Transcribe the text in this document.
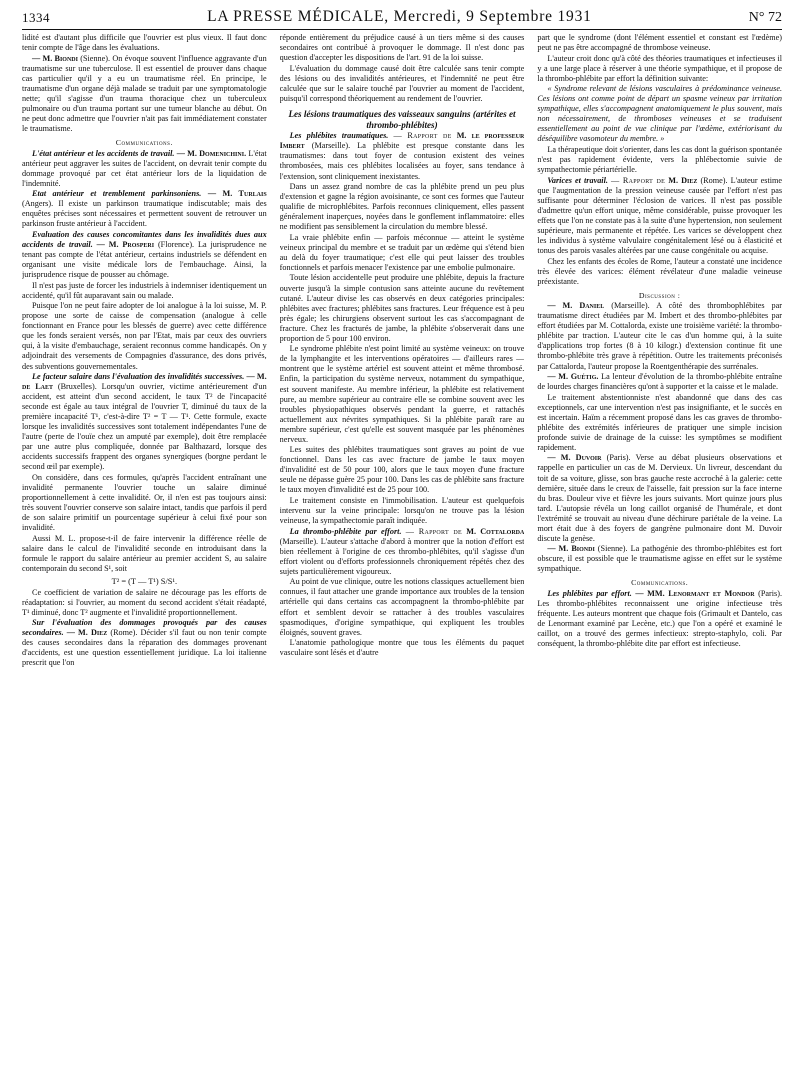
1334	LA PRESSE MÉDICALE, Mercredi, 9 Septembre 1931	N° 72

lidité est d'autant plus difficile que l'ouvrier est plus vieux. Il faut donc tenir compte de l'âge dans les évaluations.

— M. Biondi (Sienne). On évoque souvent l'influence aggravante d'un traumatisme sur une tuberculose. Il est essentiel de prouver dans chaque cas particulier qu'il y a eu un traumatisme réel. En principe, le traumatisme d'un organe déjà malade se traduit par une symptomatologie nette; qu'il s'agisse d'un trauma thoracique chez un tuberculeux pulmonaire ou d'un trauma portant sur une tumeur blanche au début. On ne peut donc admettre que l'ouvrier n'ait pas fait immédiatement constater le traumatisme.

Communications.

L'état antérieur et les accidents de travail. — M. Domenichini. L'état antérieur peut aggraver les suites de l'accident, on devrait tenir compte du dommage provoqué par cet état antérieur lors de la liquidation de l'indemnité.

Etat antérieur et tremblement parkinsoniens. — M. Turlais (Angers). Il existe un parkinson traumatique indiscutable; mais des enquêtes précises sont nécessaires et permettent souvent de retrouver un parkinson fruste antérieur à l'accident.

Evaluation des causes concomitantes dans les invalidités dues aux accidents de travail. — M. Prosperi (Florence). La jurisprudence ne tenant pas compte de l'état antérieur, certains industriels se défendent en organisant une visite médicale lors de l'embauchage. Ainsi, la jurisprudence risque de pousser au chômage.

Il n'est pas juste de forcer les industriels à indemniser identiquement un accidenté, qu'il fût auparavant sain ou malade.

Puisque l'on ne peut faire adopter de loi analogue à la loi suisse, M. P. propose une sorte de caisse de compensation (analogue à celle fonctionnant en France pour les blessés de guerre) avec cette différence que les fonds seraient versés, non par l'Etat, mais par ceux des ouvriers qui, à la visite d'embauchage, seraient reconnus comme handicapés. On y adjoindrait des versements de Compagnies d'assurance, des dons privés, des subventions gouvernementales.

Le facteur salaire dans l'évaluation des invalidités successives. — M. de Laet (Bruxelles). Lorsqu'un ouvrier, victime antérieurement d'un accident, est atteint d'un second accident, le taux T² de l'incapacité seconde est égale au taux intégral de l'ouvrier T, diminué du taux de la première incapacité T¹, c'est-à-dire T² = T — T¹. Cette formule, exacte lorsque les invalidités successives sont totalement indépendantes l'une de l'autre (perte de l'ouïe chez un amputé par exemple), doit être remplacée par une autre plus compliquée, donnée par Balthazard, lorsque des accidents successifs frappent des organes synergiques (borgne perdant le second œil par exemple).

On considère, dans ces formules, qu'après l'accident entraînant une invalidité permanente l'ouvrier touche un salaire diminué proportionnellement à cette invalidité. Or, il n'en est pas toujours ainsi: très souvent l'ouvrier conserve son salaire intact, tandis que parfois il perd de son salaire primitif un pourcentage supérieur à celui fixé pour son invalidité.

Aussi M. L. propose-t-il de faire intervenir la différence réelle de salaire dans le calcul de l'invalidité seconde en introduisant dans la formule le rapport du salaire antérieur au premier accident S, au salaire contemporain du second S¹, soit

T² = (T — T¹) S/S¹.

Ce coefficient de variation de salaire ne décourage pas les efforts de réadaptation: si l'ouvrier, au moment du second accident s'était réadapté, T¹ diminué, donc T² augmente et l'invalidité proportionnellement.

Sur l'évaluation des dommages provoqués par des causes secondaires. — M. Diez (Rome). Décider s'il faut ou non tenir compte des causes secondaires dans la réparation des dommages provenant d'accidents, est une question essentiellement juridique. La loi italienne prescrit que l'on

réponde entièrement du préjudice causé à un tiers même si des causes secondaires ont contribué à provoquer le dommage. Il n'est donc pas question d'accepter les dispositions de l'art. 91 de la loi suisse.

L'évaluation du dommage causé doit être calculée sans tenir compte des lésions ou des invalidités antérieures, et l'indemnité ne peut être calculée que sur le salaire touché par l'ouvrier au moment de l'accident, puisqu'il correspond théoriquement au rendement de l'ouvrier.

Les lésions traumatiques des vaisseaux sanguins (artérites et thrombo-phlébites)

Les phlébites traumatiques. — Rapport de M. le professeur Imbert (Marseille). La phlébite est presque constante dans les traumatismes: dans tout foyer de contusion existent des veines thrombosées, mais ces phlébites localisées au foyer, sans tendance à l'extension, sont cliniquement inexistantes.

Dans un assez grand nombre de cas la phlébite prend un peu plus d'extension et gagne la région avoisinante, ce sont ces formes que l'auteur qualifie de microphlébites. Parfois reconnues cliniquement, elles passent généralement inaperçues, noyées dans le gonflement inflammatoire: elles ne modifient pas sensiblement la circulation du membre blessé.

La vraie phlébite enfin — parfois méconnue — atteint le système veineux principal du membre et se traduit par un œdème qui s'étend bien au delà du foyer traumatique; c'est elle qui peut laisser des troubles fonctionnels et parfois menacer l'existence par une embolie pulmonaire.

Toute lésion accidentelle peut produire une phlébite, depuis la fracture ouverte jusqu'à la simple contusion sans atteinte aucune du revêtement cutané. L'auteur divise les cas observés en deux catégories principales: phlébites avec fractures; phlébites sans fractures. Leur fréquence est à peu près égale; les chirurgiens observent surtout les cas s'accompagnant de fracture. Chez les fracturés de jambe, la phlébite s'observerait dans une proportion de 5 pour 100 environ.

Le syndrome phlébite n'est point limité au système veineux: on trouve de la lymphangite et les interventions opératoires — d'ailleurs rares — montrent que le système artériel est souvent atteint et même thrombosé. Enfin, la participation du système nerveux, notamment du sympathique, est souvent manifeste. Au membre inférieur, la phlébite est relativement pure, au membre supérieur au contraire elle se combine souvent avec les troubles physiopathiques observés pendant la guerre, et rattachés actuellement aux névrites sympathiques. Si la phlébite paraît rare au membre supérieur, c'est qu'elle est souvent masquée par les phénomènes nerveux.

Les suites des phlébites traumatiques sont graves au point de vue fonctionnel. Dans les cas avec fracture de jambe le taux moyen d'invalidité est de 50 pour 100, alors que le taux moyen d'une fracture seule ne dépasse guère 25 pour 100. Dans les cas de phlébite sans fracture le taux moyen d'invalidité est de 25 pour 100.

Le traitement consiste en l'immobilisation. L'auteur est quelquefois intervenu sur la veine principale: lorsqu'on ne trouve pas la lésion veineuse, la sympathectomie paraît indiquée.

La thrombo-phlébite par effort. — Rapport de M. Cottalorda (Marseille). L'auteur s'attache d'abord à montrer que la notion d'effort est bien réellement à l'origine de ces thrombo-phlébites, qu'il s'agisse d'un effort violent ou d'efforts professionnels chroniquement répétés chez des sujets particulièrement vigoureux.

Au point de vue clinique, outre les notions classiques actuellement bien connues, il faut attacher une grande importance aux troubles de la tension artérielle qui dans certains cas accompagnent la thrombo-phlébite par effort et semblent devoir se rattacher à des troubles vasculaires spasmodiques, d'origine sympathique, qui expliquent les troubles éloignés, souvent graves.

L'anatomie pathologique montre que tous les éléments du paquet vasculaire sont lésés et d'autre

part que le syndrome (dont l'élément essentiel et constant est l'œdème) peut ne pas être accompagné de thrombose veineuse.

L'auteur croit donc qu'à côté des théories traumatiques et infectieuses il y a une large place à réserver à une théorie sympathique, et il propose de la thrombo-phlébite par effort la définition suivante:

« Syndrome relevant de lésions vasculaires à prédominance veineuse. Ces lésions ont comme point de départ un spasme veineux par irritation sympathique, elles s'accompagnent anatomiquement le plus souvent, mais non nécessairement, de thromboses veineuses et se traduisent essentiellement au point de vue clinique par l'œdème, extériorisant du déséquilibre vasomoteur du membre. »

La thérapeutique doit s'orienter, dans les cas dont la guérison spontanée n'est pas rapidement évidente, vers la phlébectomie suivie de sympathectomie périartérielle.

Varices et travail. — Rapport de M. Diez (Rome). L'auteur estime que l'augmentation de la pression veineuse causée par l'effort n'est pas suffisante pour déterminer l'éclosion de varices. Il n'est pas possible d'admettre qu'un effort unique, même considérable, puisse provoquer les effets que l'on ne constate pas à la suite d'une hypertension, non seulement supérieure, mais permanente et répétée. Les varices se développent chez les individus à système valvulaire congénitalement lésé ou à élasticité et tonus des parois vasales altérées par une cause congénitale ou acquise.

Chez les enfants des écoles de Rome, l'auteur a constaté une incidence très élevée des varices: élément révélateur d'une maladie veineuse préexistante.

Discussion :

— M. Daniel (Marseille). A côté des thrombophlébites par traumatisme direct étudiées par M. Imbert et des thrombo-phlébites par effort étudiées par M. Cottalorda, existe une troisième variété: la thrombo-phlébite par traction. L'auteur cite le cas d'un homme qui, à la suite d'applications trop fortes (8 à 10 kilogr.) d'extension continue fit une thrombo-phlébite très grave à répétition. Outre les traitements préconisés par Cattalorda, l'auteur propose la Roentgenthérapie des surrénales.

— M. Guétig. La lenteur d'évolution de la thrombo-phlébite entraîne de lourdes charges financières qu'ont à supporter et la caisse et le malade.

Le traitement abstentionniste n'est abandonné que dans des cas exceptionnels, car une intervention n'est pas insignifiante, et le succès en est incertain. Haïm a récemment proposé dans les cas graves de thrombo-phlébite des extrémités inférieures de pratiquer une simple incision profonde suivie de drainage de la cuisse: les symptômes se modifient rapidement.

— M. Duvoir (Paris). Verse au débat plusieurs observations et rappelle en particulier un cas de M. Dervieux. Un livreur, descendant du toit de sa voiture, glisse, son bras gauche reste accroché à la galerie: cette dernière, située dans le creux de l'aisselle, fait pression sur la face interne du bras. Douleur vive et fièvre les jours suivants. Mort quinze jours plus tard. L'autopsie révéla un long caillot organisé de l'humérale, et dont l'extrémité se trouvait au niveau d'une déchirure pariétale de la veine. La mort était due à des foyers de gangrène pulmonaire dont M. Duvoir discute la genèse.

— M. Biondi (Sienne). La pathogénie des thrombo-phlébites est fort obscure, il est possible que le traumatisme agisse en effet sur le système sympathique.

Communications.

Les phlébites par effort. — MM. Lenormant et Mondor (Paris). Les thrombo-phlébites reconnaissent une origine infectieuse très fréquente. Les auteurs montrent que chaque fois (Grimault et Dantelo, cas de Lenormant examiné par Lecène, etc.) que l'on a opéré et examiné le caillot, on a trouvé des germes infectieux: strepto-staphylo, coli. Par conséquent, la thrombo-phlébite dite par effort est infectieuse.
